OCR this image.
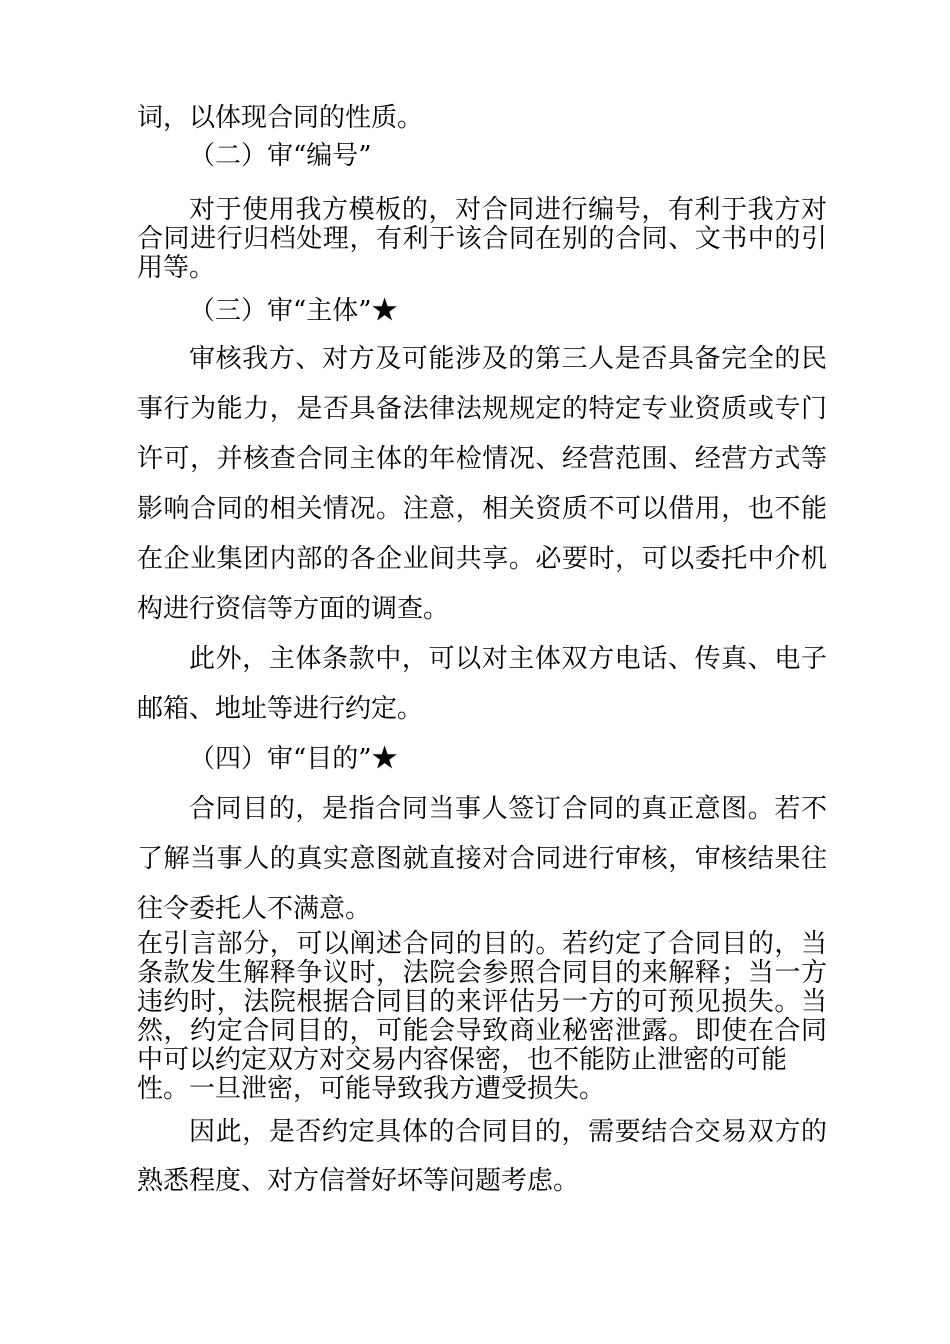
词，以体现合同的性质。
（二）审“编号”
对于使用我方模板的，对合同进行编号，有利于我方对
合同进行归档处理，有利于该合同在别的合同、文书中的引
用等。
（三）审“主体”★
审核我方、对方及可能涉及的第三人是否具备完全的民
事行为能力，是否具备法律法规规定的特定专业资质或专门
许可，并核查合同主体的年检情况、经营范围、经营方式等
影响合同的相关情况。注意，相关资质不可以借用，也不能
在企业集团内部的各企业间共享。必要时，可以委托中介机
构进行资信等方面的调查。
此外，主体条款中，可以对主体双方电话、传真、电子
邮箱、地址等进行约定。
（四）审“目的”★
合同目的，是指合同当事人签订合同的真正意图。若不
了解当事人的真实意图就直接对合同进行审核，审核结果往
往令委托人不满意。
在引言部分，可以阐述合同的目的。若约定了合同目的，当
条款发生解释争议时，法院会参照合同目的来解释；当一方
违约时，法院根据合同目的来评估另一方的可预见损失。当
然，约定合同目的，可能会导致商业秘密泄露。即使在合同
中可以约定双方对交易内容保密，也不能防止泄密的可能
性。一旦泄密，可能导致我方遭受损失。
因此，是否约定具体的合同目的，需要结合交易双方的
熟悉程度、对方信誉好坏等问题考虑。
